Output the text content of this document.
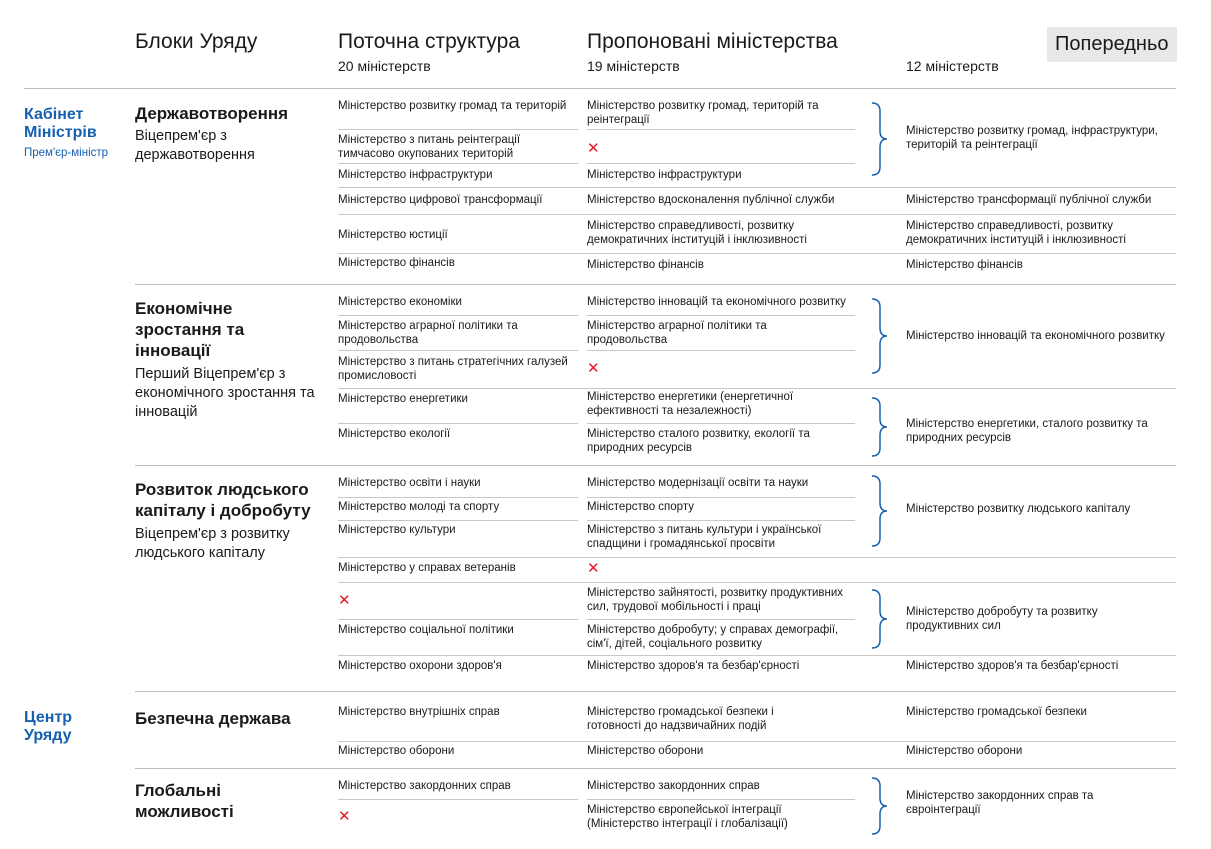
Блоки Уряду	Поточна структура
20 міністерств
Пропоновані міністерства
19 міністерств	12 міністерств
Попередньо
Кабінет Міністрів
Прем'єр-міністр
Центр Уряду
Державотворення
Віцепрем'єр з державотворення
Економічне зростання та інновації
Перший Віцепрем'єр з економічного зростання та інновацій
Розвиток людського капіталу і добробуту
Віцепрем'єр з розвитку людського капіталу
Безпечна держава
Глобальні можливості
Міністерство розвитку громад та територій
Міністерство з питань реінтеграції тимчасово окупованих територій
Міністерство інфраструктури
Міністерство цифрової трансформації
Міністерство юстиції
Міністерство фінансів
Міністерство економіки
Міністерство аграрної політики та продовольства
Міністерство з питань стратегічних галузей промисловості
Міністерство енергетики
Міністерство екології
Міністерство освіти і науки
Міністерство молоді та спорту
Міністерство культури
Міністерство у справах ветеранів
✕
Міністерство соціальної політики
Міністерство охорони здоров'я
Міністерство внутрішніх справ
Міністерство оборони
Міністерство закордонних справ
✕
Міністерство розвитку громад, територій та реінтеграції
✕
Міністерство інфраструктури
Міністерство вдосконалення публічної служби
Міністерство справедливості, розвитку демократичних інституцій і інклюзивності
Міністерство фінансів
Міністерство інновацій та економічного розвитку
Міністерство аграрної політики та продовольства
✕
Міністерство енергетики (енергетичної ефективності та незалежності)
Міністерство сталого розвитку, екології та природних ресурсів
Міністерство модернізації освіти та науки
Міністерство спорту
Міністерство з питань культури і української спадщини і громадянської просвіти
✕
Міністерство зайнятості, розвитку продуктивних сил, трудової мобільності і праці
Міністерство добробуту; у справах демографії, сім'ї, дітей, соціального розвитку
Міністерство здоров'я та безбар'єрності
Міністерство громадської безпеки і готовності до надзвичайних подій
Міністерство оборони
Міністерство закордонних справ
Міністерство європейської інтеграції (Міністерство інтеграції і глобалізації)
Міністерство розвитку громад, інфраструктури, територій та реінтеграції
Міністерство трансформації публічної служби
Міністерство справедливості, розвитку демократичних інституцій і інклюзивності
Міністерство фінансів
Міністерство інновацій та економічного розвитку
Міністерство енергетики, сталого розвитку та природних ресурсів
Міністерство розвитку людського капіталу
Міністерство добробуту та розвитку продуктивних сил
Міністерство здоров'я та безбар'єрності
Міністерство громадської безпеки
Міністерство оборони
Міністерство закордонних справ та євроінтеграції
